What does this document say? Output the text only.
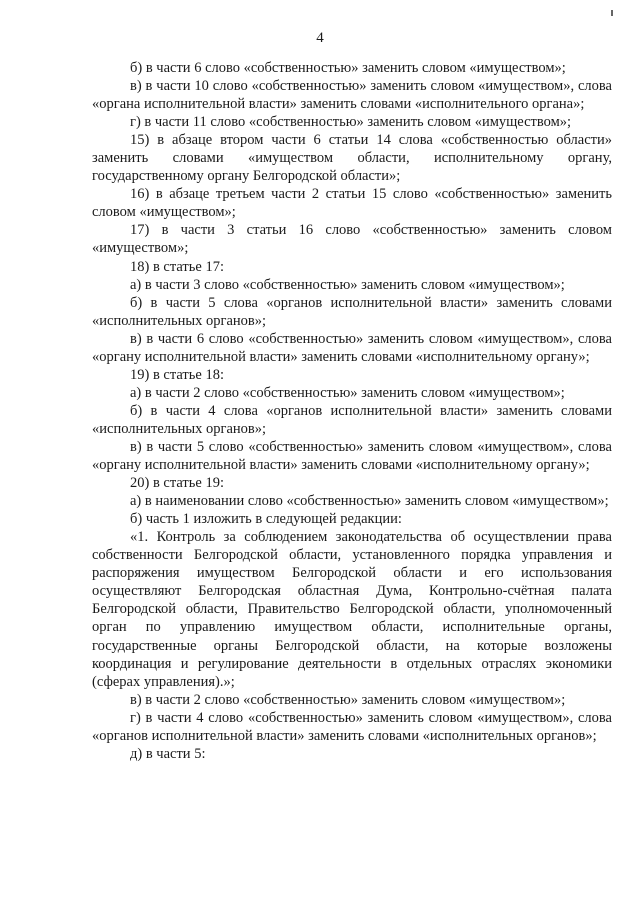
4

б) в части 6 слово «собственностью» заменить словом «имуществом»;

в) в части 10 слово «собственностью» заменить словом «имуществом», слова «органа исполнительной власти» заменить словами «исполнительного органа»;

г) в части 11 слово «собственностью» заменить словом «имуществом»;

15) в абзаце втором части 6 статьи 14 слова «собственностью области» заменить словами «имуществом области, исполнительному органу, государственному органу Белгородской области»;

16) в абзаце третьем части 2 статьи 15 слово «собственностью» заменить словом «имуществом»;

17) в части 3 статьи 16 слово «собственностью» заменить словом «имуществом»;

18) в статье 17:

а) в части 3 слово «собственностью» заменить словом «имуществом»;

б) в части 5 слова «органов исполнительной власти» заменить словами «исполнительных органов»;

в) в части 6 слово «собственностью» заменить словом «имуществом», слова «органу исполнительной власти» заменить словами «исполнительному органу»;

19) в статье 18:

а) в части 2 слово «собственностью» заменить словом «имуществом»;

б) в части 4 слова «органов исполнительной власти» заменить словами «исполнительных органов»;

в) в части 5 слово «собственностью» заменить словом «имуществом», слова «органу исполнительной власти» заменить словами «исполнительному органу»;

20) в статье 19:

а) в наименовании слово «собственностью» заменить словом «имуществом»;

б) часть 1 изложить в следующей редакции:

«1. Контроль за соблюдением законодательства об осуществлении права собственности Белгородской области, установленного порядка управления и распоряжения имуществом Белгородской области и его использования осуществляют Белгородская областная Дума, Контрольно-счётная палата Белгородской области, Правительство Белгородской области, уполномоченный орган по управлению имуществом области, исполнительные органы, государственные органы Белгородской области, на которые возложены координация и регулирование деятельности в отдельных отраслях экономики (сферах управления).»;

в) в части 2 слово «собственностью» заменить словом «имуществом»;

г) в части 4 слово «собственностью» заменить словом «имуществом», слова «органов исполнительной власти» заменить словами «исполнительных органов»;

д) в части 5:
